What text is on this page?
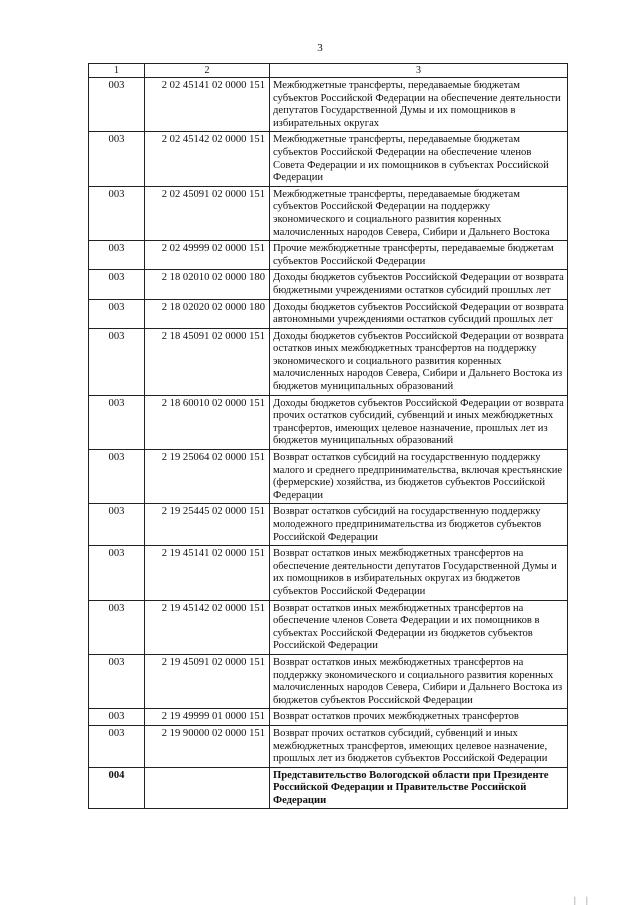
3
1	2	3
003	2 02 45141 02 0000 151	Межбюджетные трансферты, передаваемые бюджетам субъектов Российской Федерации на обеспечение деятельности депутатов Государственной Думы и их помощников в избирательных округах
003	2 02 45142 02 0000 151	Межбюджетные трансферты, передаваемые бюджетам субъектов Российской Федерации на обеспечение членов Совета Федерации и их помощников в субъектах Российской Федерации
003	2 02 45091 02 0000 151	Межбюджетные трансферты, передаваемые бюджетам субъектов Российской Федерации на поддержку экономического и социального развития коренных малочисленных народов Севера, Сибири и Дальнего Востока
003	2 02 49999 02 0000 151	Прочие межбюджетные трансферты, передаваемые бюджетам субъектов Российской Федерации
003	2 18 02010 02 0000 180	Доходы бюджетов субъектов Российской Федерации от возврата бюджетными учреждениями остатков субсидий прошлых лет
003	2 18 02020 02 0000 180	Доходы бюджетов субъектов Российской Федерации от возврата автономными учреждениями остатков субсидий прошлых лет
003	2 18 45091 02 0000 151	Доходы бюджетов субъектов Российской Федерации от возврата остатков иных межбюджетных трансфертов на поддержку экономического и социального развития коренных малочисленных народов Севера, Сибири и Дальнего Востока из бюджетов муниципальных образований
003	2 18 60010 02 0000 151	Доходы бюджетов субъектов Российской Федерации от возврата прочих остатков субсидий, субвенций и иных межбюджетных трансфертов, имеющих целевое назначение, прошлых лет из бюджетов муниципальных образований
003	2 19 25064 02 0000 151	Возврат остатков субсидий на государственную поддержку малого и среднего предпринимательства, включая крестьянские (фермерские) хозяйства, из бюджетов субъектов Российской Федерации
003	2 19 25445 02 0000 151	Возврат остатков субсидий на государственную поддержку молодежного предпринимательства из бюджетов субъектов Российской Федерации
003	2 19 45141 02 0000 151	Возврат остатков иных межбюджетных трансфертов на обеспечение деятельности депутатов Государственной Думы и их помощников в избирательных округах из бюджетов субъектов Российской Федерации
003	2 19 45142 02 0000 151	Возврат остатков иных межбюджетных трансфертов на обеспечение членов Совета Федерации и их помощников в субъектах Российской Федерации из бюджетов субъектов Российской Федерации
003	2 19 45091 02 0000 151	Возврат остатков иных межбюджетных трансфертов на поддержку экономического и социального развития коренных малочисленных народов Севера, Сибири и Дальнего Востока из бюджетов субъектов Российской Федерации
003	2 19 49999 01 0000 151	Возврат остатков прочих межбюджетных трансфертов
003	2 19 90000 02 0000 151	Возврат прочих остатков субсидий, субвенций и иных межбюджетных трансфертов, имеющих целевое назначение, прошлых лет из бюджетов субъектов Российской Федерации
004		Представительство Вологодской области при Президенте Российской Федерации и Правительстве Российской Федерации
| |
